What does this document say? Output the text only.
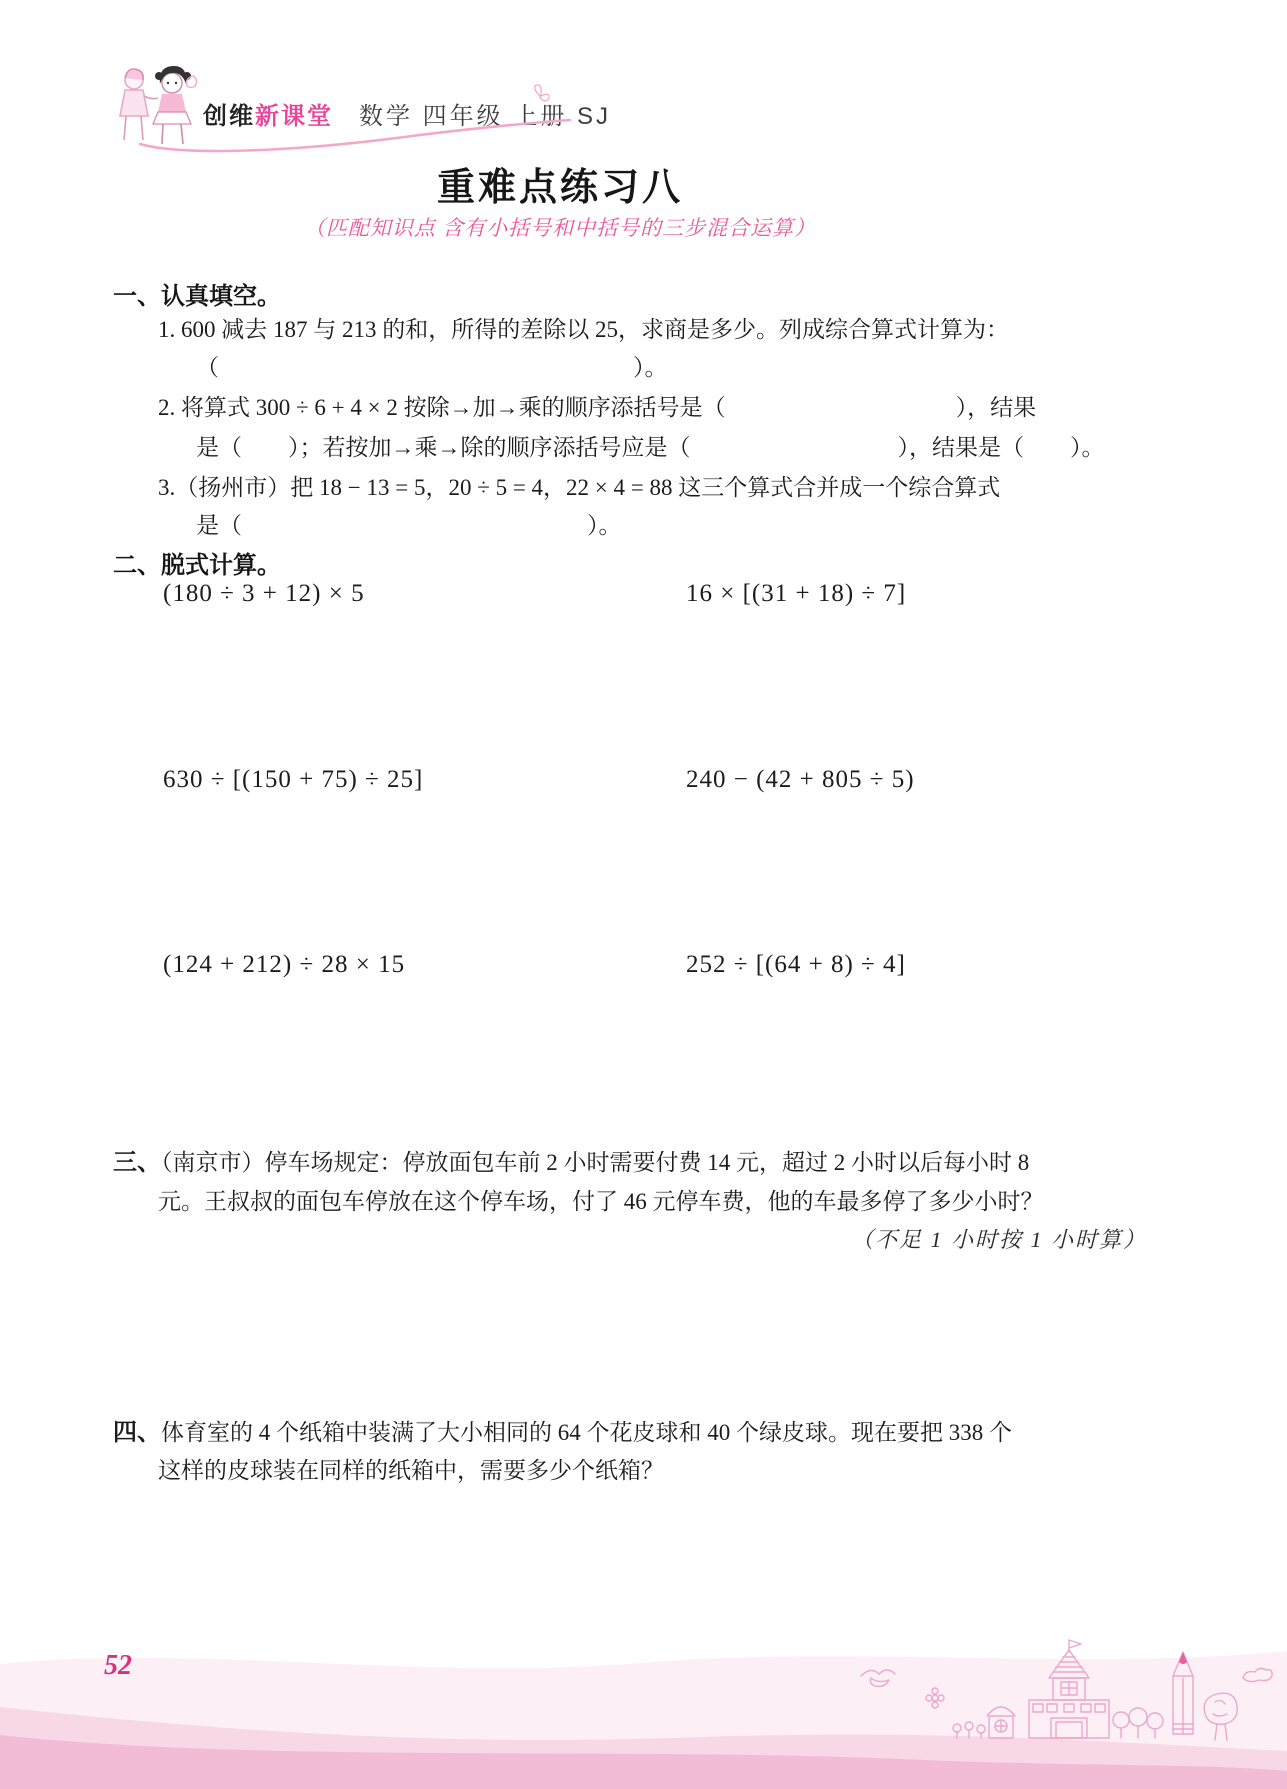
创维新课堂 数学 四年级 上册 SJ
重难点练习八
（匹配知识点 含有小括号和中括号的三步混合运算）
一、认真填空。
1. 600 减去 187 与 213 的和，所得的差除以 25，求商是多少。列成综合算式计算为：
（　　　　　　　　　　　　　　　　　　）。
2. 将算式 300 ÷ 6 + 4 × 2 按除→加→乘的顺序添括号是（　　　　　　　　　　），结果
是（　　）；若按加→乘→除的顺序添括号应是（　　　　　　　　　），结果是（　　）。
3.（扬州市）把 18 − 13 = 5，20 ÷ 5 = 4，22 × 4 = 88 这三个算式合并成一个综合算式
是（　　　　　　　　　　　　　　　）。
二、脱式计算。
(180 ÷ 3 + 12) × 5	16 × [(31 + 18) ÷ 7]
630 ÷ [(150 + 75) ÷ 25]	240 − (42 + 805 ÷ 5)
(124 + 212) ÷ 28 × 15	252 ÷ [(64 + 8) ÷ 4]
三、（南京市）停车场规定：停放面包车前 2 小时需要付费 14 元，超过 2 小时以后每小时 8
元。王叔叔的面包车停放在这个停车场，付了 46 元停车费，他的车最多停了多少小时？
（不足 1 小时按 1 小时算）
四、体育室的 4 个纸箱中装满了大小相同的 64 个花皮球和 40 个绿皮球。现在要把 338 个
这样的皮球装在同样的纸箱中，需要多少个纸箱？
52
